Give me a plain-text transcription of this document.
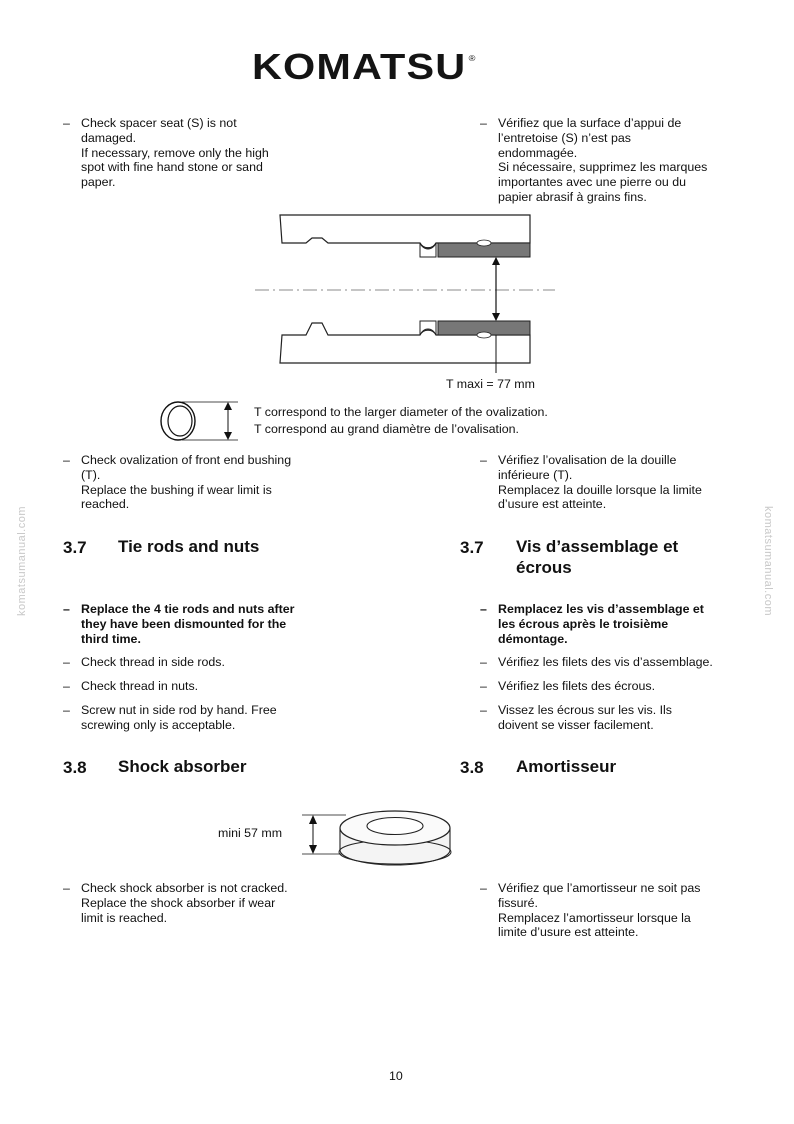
KOMATSU ®
komatsumanual.com	komatsumanual.com
– Check spacer seat (S) is not
damaged.
If necessary, remove only the high
spot with fine hand stone or sand
paper.
– Vérifiez que la surface d’appui de
l’entretoise (S) n’est pas
endommagée.
Si nécessaire, supprimez les marques
importantes avec une pierre ou du
papier abrasif à grains fins.
T maxi = 77 mm
T correspond to the larger diameter of the ovalization.
T correspond au grand diamètre de l’ovalisation.
– Check ovalization of front end bushing
(T).
Replace the bushing if wear limit is
reached.
– Vérifiez l’ovalisation de la douille
inférieure (T).
Remplacez la douille lorsque la limite
d’usure est atteinte.
3.7 Tie rods and nuts	3.7 Vis d’assemblage et
écrous
– Replace the 4 tie rods and nuts after
they have been dismounted for the
third time.
– Check thread in side rods.
– Check thread in nuts.
– Screw nut in side rod by hand. Free
screwing only is acceptable.
– Remplacez les vis d’assemblage et
les écrous après le troisième
démontage.
– Vérifiez les filets des vis d’assemblage.
– Vérifiez les filets des écrous.
– Vissez les écrous sur les vis. Ils
doivent se visser facilement.
3.8 Shock absorber	3.8 Amortisseur
mini 57 mm
– Check shock absorber is not cracked.
Replace the shock absorber if wear
limit is reached.
– Vérifiez que l’amortisseur ne soit pas
fissuré.
Remplacez l’amortisseur lorsque la
limite d’usure est atteinte.
10
